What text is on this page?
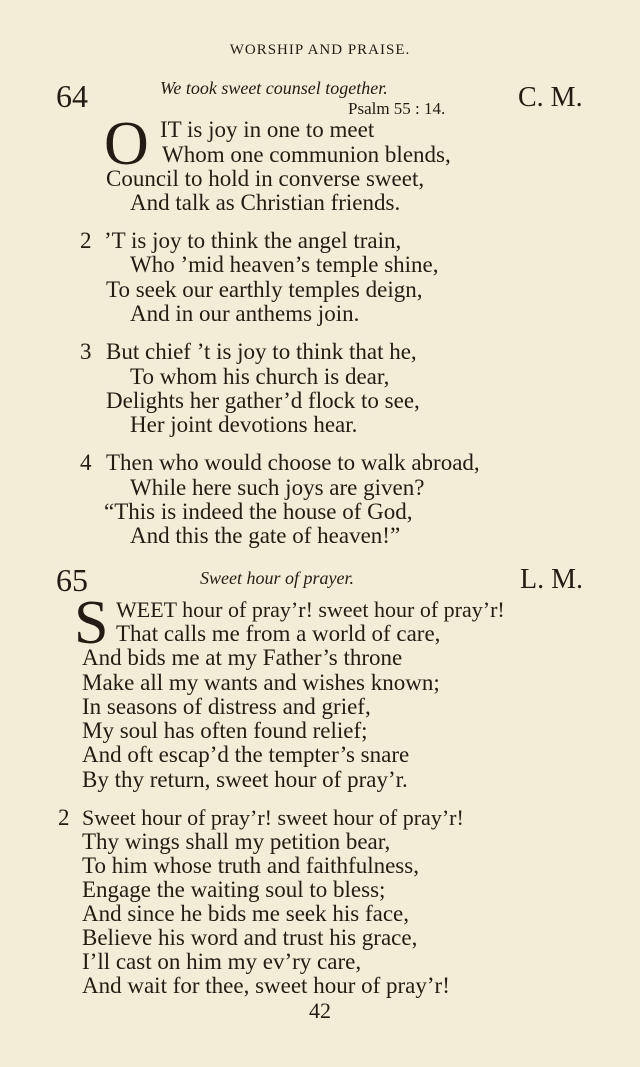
WORSHIP AND PRAISE.
64	We took sweet counsel together.
Psalm 55 : 14.	C. M.
O IT is joy in one to meet
Whom one communion blends,
Council to hold in converse sweet,
And talk as Christian friends.
2 ’T is joy to think the angel train,
Who ’mid heaven’s temple shine,
To seek our earthly temples deign,
And in our anthems join.
3 But chief ’t is joy to think that he,
To whom his church is dear,
Delights her gather’d flock to see,
Her joint devotions hear.
4 Then who would choose to walk abroad,
While here such joys are given?
“This is indeed the house of God,
And this the gate of heaven!”
65	Sweet hour of prayer.	L. M.
S WEET hour of pray’r! sweet hour of pray’r!
That calls me from a world of care,
And bids me at my Father’s throne
Make all my wants and wishes known;
In seasons of distress and grief,
My soul has often found relief;
And oft escap’d the tempter’s snare
By thy return, sweet hour of pray’r.
2 Sweet hour of pray’r! sweet hour of pray’r!
Thy wings shall my petition bear,
To him whose truth and faithfulness,
Engage the waiting soul to bless;
And since he bids me seek his face,
Believe his word and trust his grace,
I’ll cast on him my ev’ry care,
And wait for thee, sweet hour of pray’r!
42
